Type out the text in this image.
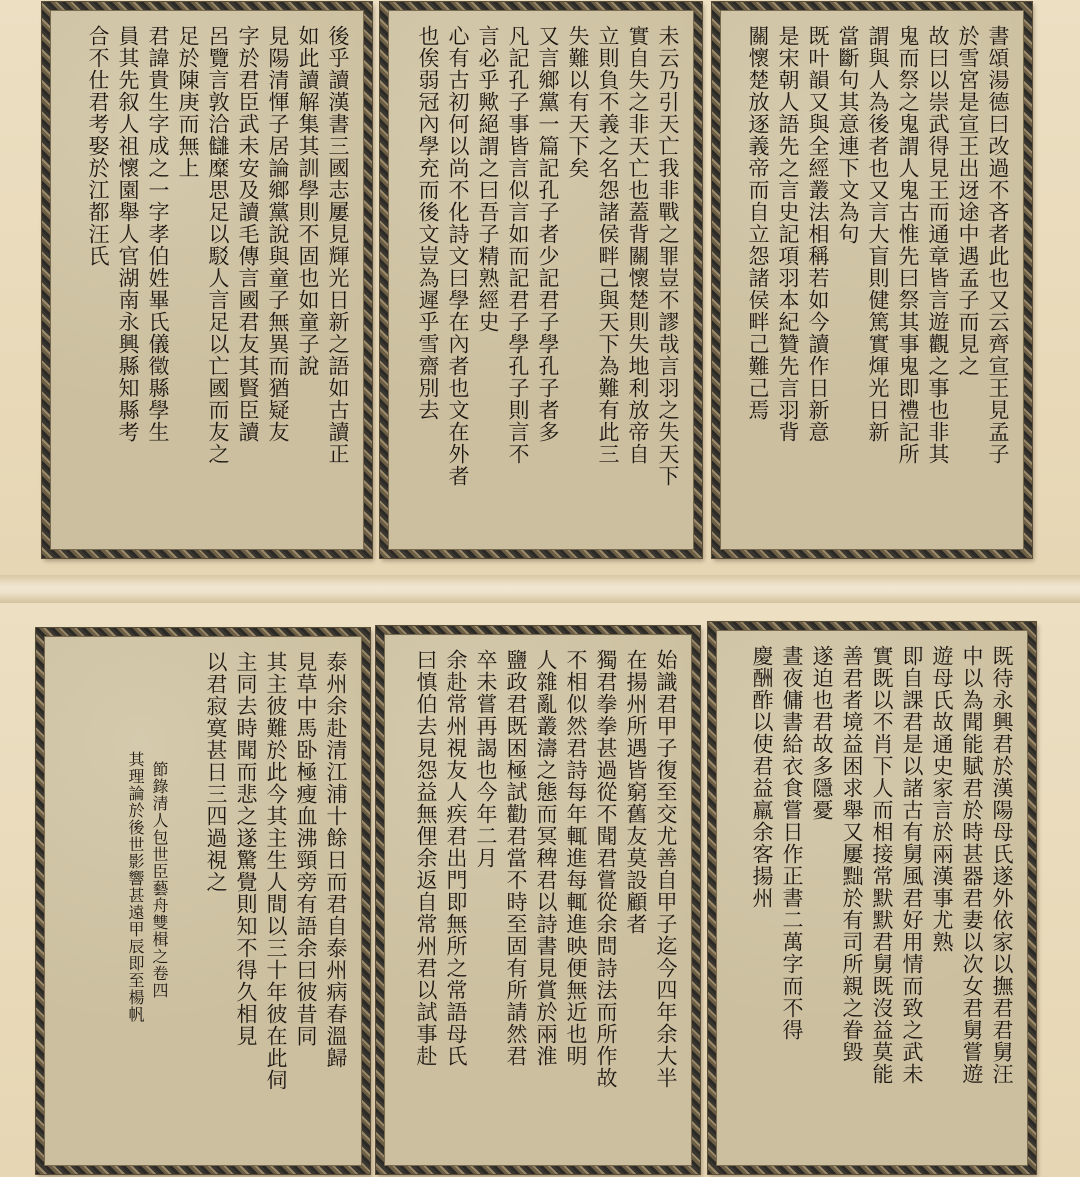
書頌湯德曰改過不吝者此也又云齊宣王見孟子
於雪宮是宣王出迓途中遇孟子而見之
故曰以崇武得見王而通章皆言遊觀之事也非其
鬼而祭之鬼謂人鬼古惟先曰祭其事鬼即禮記所
謂與人為後者也又言大盲則健篤實煇光日新
當斷句其意連下文為句
既叶韻又與全經叢法相稱若如今讀作日新意
是宋朝人語先之言史記項羽本紀贊先言羽背
關懷楚放逐義帝而自立怨諸侯畔己難己焉
未云乃引天亡我非戰之罪豈不謬哉言羽之失天下
實自失之非天亡也蓋背關懷楚則失地利放帝自
立則負不義之名怨諸侯畔己與天下為難有此三
失難以有天下矣
又言鄉黨一篇記孔子者少記君子學孔子者多
凡記孔子事皆言似言如而記君子學孔子則言不
言必乎歟絕謂之曰吾子精熟經史
心有古初何以尚不化詩文曰學在內者也文在外者
也俟弱冠內學充而後文豈為遲乎雪齋別去
後乎讀漢書三國志屢見輝光日新之語如古讀正
如此讀解集其訓學則不固也如童子說
見陽清惲子居論鄉黨說與童子無異而猶疑友
字於君臣武未安及讀毛傳言國君友其賢臣讀
呂覽言敦洽讎糜思足以駁人言足以亡國而友之
足於陳庚而無上
君諱貴生字成之一字孝伯姓畢氏儀徵縣學生
員其先叙人祖懷園舉人官湖南永興縣知縣考
合不仕君考娶於江都汪氏
既待永興君於漢陽母氏遂外依家以撫君君舅汪
中以為聞能賦君於時甚器君妻以次女君舅嘗遊
遊母氏故通史家言於兩漢事尤熟
即自課君是以諸古有舅風君好用情而致之武未
實既以不肖下人而相接常默默君舅既沒益莫能
善君者境益困求舉又屢黜於有司所親之眷毀
遂迫也君故多隱憂
晝夜傭書給衣食嘗日作正書二萬字而不得
慶酬酢以使君益羸余客揚州
始識君甲子復至交尤善自甲子迄今四年余大半
在揚州所遇皆窮舊友莫設顧者
獨君拳拳甚過從不聞君嘗從余問詩法而所作故
不相似然君詩每年輒進每輒進映便無近也明
人雜亂叢濤之態而冥稗君以詩書見賞於兩淮
鹽政君既困極試勸君當不時至固有所請然君
卒未嘗再謁也今年二月
余赴常州視友人疾君出門即無所之常語母氏
曰慎伯去見怨益無俚余返自常州君以試事赴
泰州余赴清江浦十餘日而君自泰州病春溫歸
見草中馬卧極瘦血沸頸旁有語余曰彼昔同
其主彼難於此今其主生人間以三十年彼在此伺
主同去時聞而悲之遂驚覺則知不得久相見
以君寂寞甚日三四過視之
節錄清人包世臣藝舟雙楫之卷四
其理論於後世影響甚遠甲辰即至楊帆
